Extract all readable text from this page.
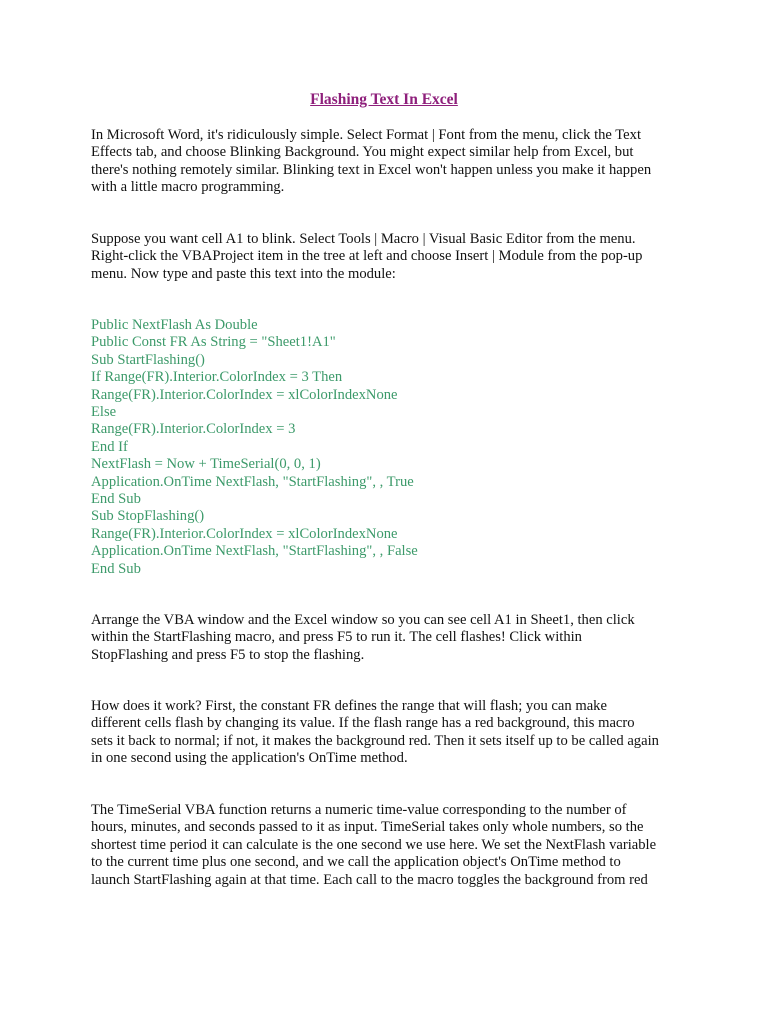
Flashing Text In Excel
In Microsoft Word, it's ridiculously simple. Select Format | Font from the menu, click the Text
Effects tab, and choose Blinking Background. You might expect similar help from Excel, but
there's nothing remotely similar. Blinking text in Excel won't happen unless you make it happen
with a little macro programming.
Suppose you want cell A1 to blink. Select Tools | Macro | Visual Basic Editor from the menu.
Right-click the VBAProject item in the tree at left and choose Insert | Module from the pop-up
menu. Now type and paste this text into the module:
Public NextFlash As Double
Public Const FR As String = "Sheet1!A1"
Sub StartFlashing()
If Range(FR).Interior.ColorIndex = 3 Then
Range(FR).Interior.ColorIndex = xlColorIndexNone
Else
Range(FR).Interior.ColorIndex = 3
End If
NextFlash = Now + TimeSerial(0, 0, 1)
Application.OnTime NextFlash, "StartFlashing", , True
End Sub
Sub StopFlashing()
Range(FR).Interior.ColorIndex = xlColorIndexNone
Application.OnTime NextFlash, "StartFlashing", , False
End Sub
Arrange the VBA window and the Excel window so you can see cell A1 in Sheet1, then click
within the StartFlashing macro, and press F5 to run it. The cell flashes! Click within
StopFlashing and press F5 to stop the flashing.
How does it work? First, the constant FR defines the range that will flash; you can make
different cells flash by changing its value. If the flash range has a red background, this macro
sets it back to normal; if not, it makes the background red. Then it sets itself up to be called again
in one second using the application's OnTime method.
The TimeSerial VBA function returns a numeric time-value corresponding to the number of
hours, minutes, and seconds passed to it as input. TimeSerial takes only whole numbers, so the
shortest time period it can calculate is the one second we use here. We set the NextFlash variable
to the current time plus one second, and we call the application object's OnTime method to
launch StartFlashing again at that time. Each call to the macro toggles the background from red
